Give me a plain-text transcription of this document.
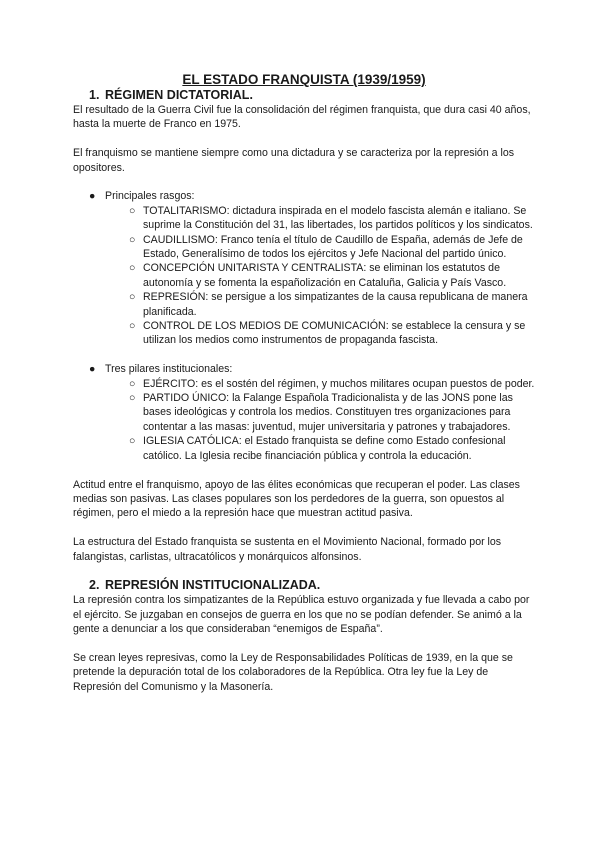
EL ESTADO FRANQUISTA (1939/1959)
1. RÉGIMEN DICTATORIAL.

El resultado de la Guerra Civil fue la consolidación del régimen franquista, que dura casi 40 años, hasta la muerte de Franco en 1975.

El franquismo se mantiene siempre como una dictadura y se caracteriza por la represión a los opositores.

● Principales rasgos:
○ TOTALITARISMO: dictadura inspirada en el modelo fascista alemán e italiano. Se suprime la Constitución del 31, las libertades, los partidos políticos y los sindicatos.
○ CAUDILLISMO: Franco tenía el título de Caudillo de España, además de Jefe de Estado, Generalísimo de todos los ejércitos y Jefe Nacional del partido único.
○ CONCEPCIÓN UNITARISTA Y CENTRALISTA: se eliminan los estatutos de autonomía y se fomenta la españolización en Cataluña, Galicia y País Vasco.
○ REPRESIÓN: se persigue a los simpatizantes de la causa republicana de manera planificada.
○ CONTROL DE LOS MEDIOS DE COMUNICACIÓN: se establece la censura y se utilizan los medios como instrumentos de propaganda fascista.
● Tres pilares institucionales:
○ EJÉRCITO: es el sostén del régimen, y muchos militares ocupan puestos de poder.
○ PARTIDO ÚNICO: la Falange Española Tradicionalista y de las JONS pone las bases ideológicas y controla los medios. Constituyen tres organizaciones para contentar a las masas: juventud, mujer universitaria y patrones y trabajadores.
○ IGLESIA CATÓLICA: el Estado franquista se define como Estado confesional católico. La Iglesia recibe financiación pública y controla la educación.

Actitud entre el franquismo, apoyo de las élites económicas que recuperan el poder. Las clases medias son pasivas. Las clases populares son los perdedores de la guerra, son opuestos al régimen, pero el miedo a la represión hace que muestran actitud pasiva.

La estructura del Estado franquista se sustenta en el Movimiento Nacional, formado por los falangistas, carlistas, ultracatólicos y monárquicos alfonsinos.

2. REPRESIÓN INSTITUCIONALIZADA.

La represión contra los simpatizantes de la República estuvo organizada y fue llevada a cabo por el ejército. Se juzgaban en consejos de guerra en los que no se podían defender. Se animó a la gente a denunciar a los que consideraban “enemigos de España”.

Se crean leyes represivas, como la Ley de Responsabilidades Políticas de 1939, en la que se pretende la depuración total de los colaboradores de la República. Otra ley fue la Ley de Represión del Comunismo y la Masonería.
